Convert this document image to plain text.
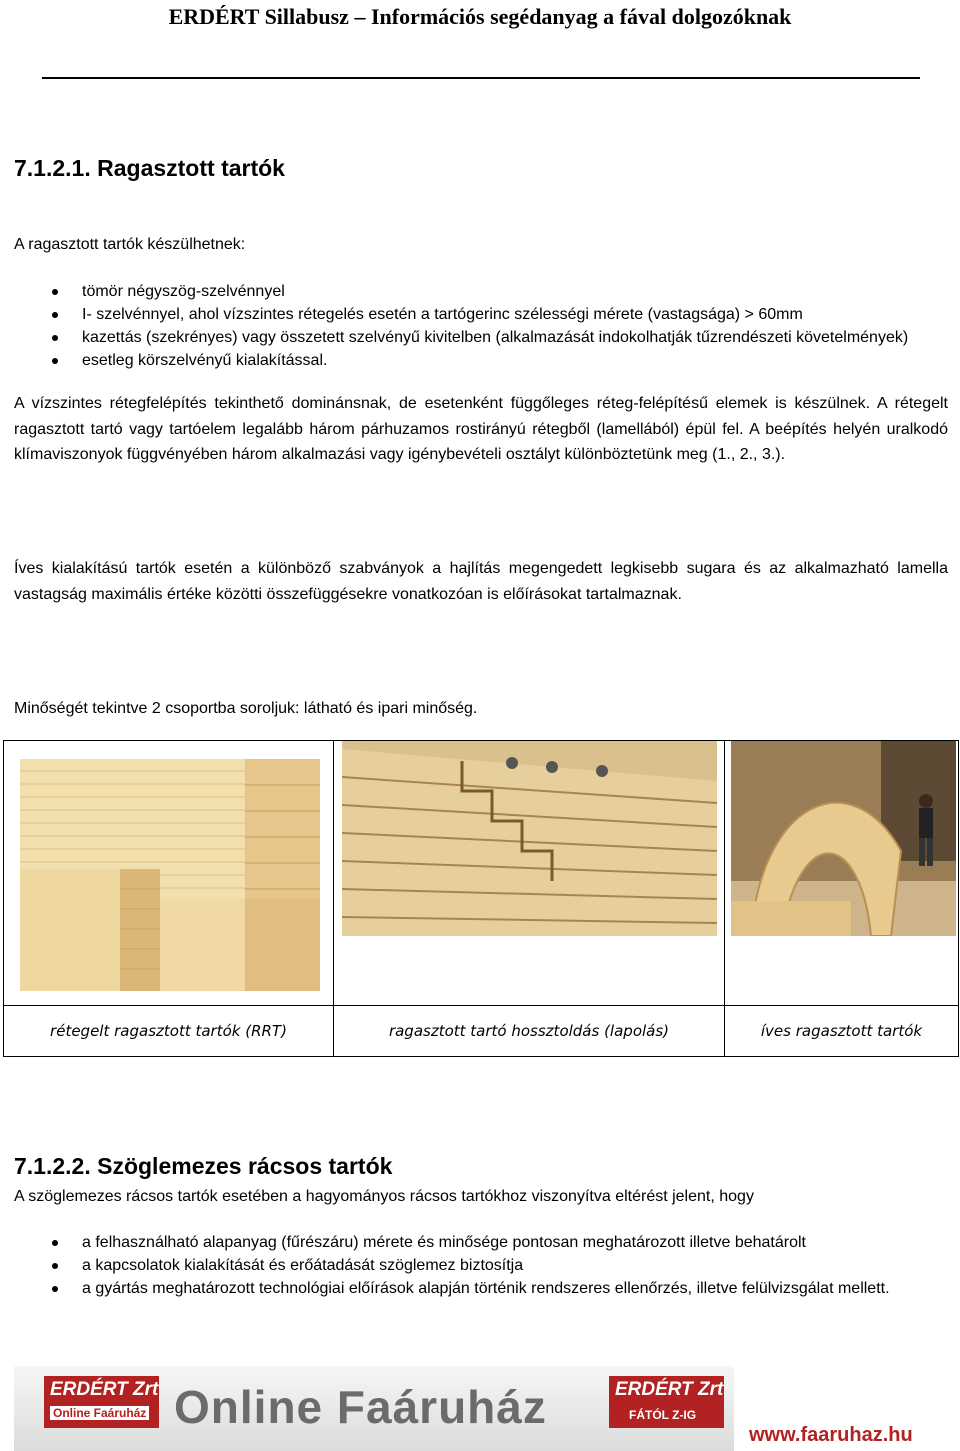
ERDÉRT Sillabusz – Információs segédanyag a fával dolgozóknak
7.1.2.1. Ragasztott tartók
A ragasztott tartók készülhetnek:
tömör négyszög-szelvénnyel
I- szelvénnyel, ahol vízszintes rétegelés esetén a tartógerinc szélességi mérete (vastagsága) > 60mm
kazettás (szekrényes) vagy összetett szelvényű kivitelben (alkalmazását indokolhatják tűzrendészeti követelmények)
esetleg körszelvényű kialakítással.
A vízszintes rétegfelépítés tekinthető dominánsnak, de esetenként függőleges réteg-felépítésű elemek is készülnek. A rétegelt ragasztott tartó vagy tartóelem legalább három párhuzamos rostirányú rétegből (lamellából) épül fel. A beépítés helyén uralkodó klímaviszonyok függvényében három alkalmazási vagy igénybevételi osztályt különböztetünk meg (1., 2., 3.).
Íves kialakítású tartók esetén a különböző szabványok a hajlítás megengedett legkisebb sugara és az alkalmazható lamella vastagság maximális értéke közötti összefüggésekre vonatkozóan is előírásokat tartalmaznak.
Minőségét tekintve 2 csoportba soroljuk: látható és ipari minőség.
rétegelt ragasztott tartók (RRT)	ragasztott tartó hossztoldás (lapolás)	íves ragasztott tartók
7.1.2.2. Szöglemezes rácsos tartók
A szöglemezes rácsos tartók esetében a hagyományos rácsos tartókhoz viszonyítva eltérést jelent, hogy
a felhasználható alapanyag (fűrészáru) mérete és minősége pontosan meghatározott illetve behatárolt
a kapcsolatok kialakítását és erőátadását szöglemez biztosítja
a gyártás meghatározott technológiai előírások alapján történik rendszeres ellenőrzés, illetve felülvizsgálat mellett.
ERDÉRT Zrt
Online Faáruház Online Faáruház	ERDÉRT Zrt
FÁTÓL Z-IG
www.faaruhaz.hu
